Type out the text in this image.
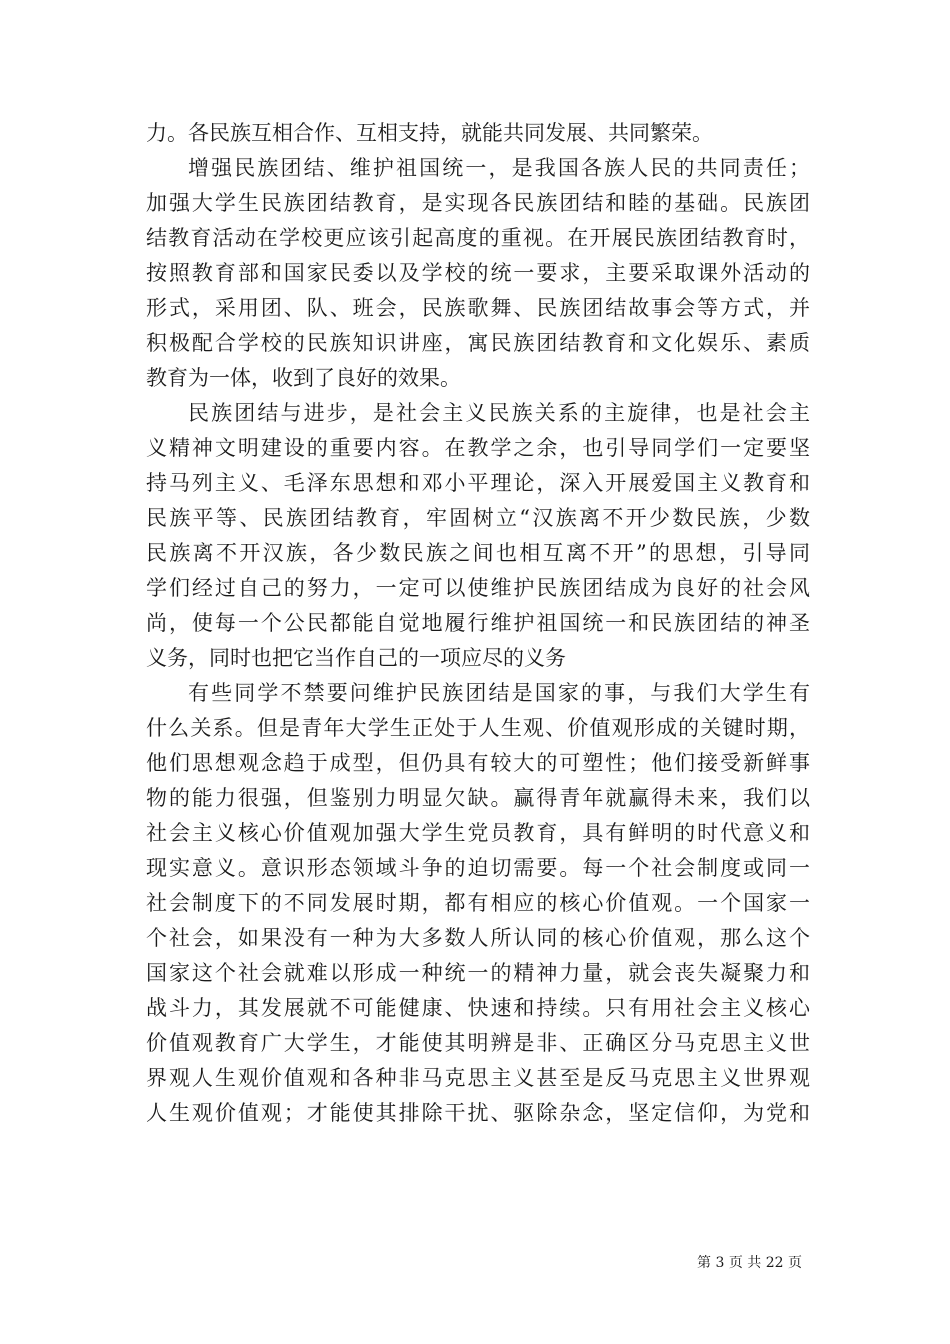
力。各民族互相合作、互相支持，就能共同发展、共同繁荣。
增强民族团结、维护祖国统一，是我国各族人民的共同责任；
加强大学生民族团结教育，是实现各民族团结和睦的基础。民族团
结教育活动在学校更应该引起高度的重视。在开展民族团结教育时，
按照教育部和国家民委以及学校的统一要求，主要采取课外活动的
形式，采用团、队、班会，民族歌舞、民族团结故事会等方式，并
积极配合学校的民族知识讲座，寓民族团结教育和文化娱乐、素质
教育为一体，收到了良好的效果。
民族团结与进步，是社会主义民族关系的主旋律，也是社会主
义精神文明建设的重要内容。在教学之余，也引导同学们一定要坚
持马列主义、毛泽东思想和邓小平理论，深入开展爱国主义教育和
民族平等、民族团结教育，牢固树立“汉族离不开少数民族，少数
民族离不开汉族，各少数民族之间也相互离不开”的思想，引导同
学们经过自己的努力，一定可以使维护民族团结成为良好的社会风
尚，使每一个公民都能自觉地履行维护祖国统一和民族团结的神圣
义务，同时也把它当作自己的一项应尽的义务
有些同学不禁要问维护民族团结是国家的事，与我们大学生有
什么关系。但是青年大学生正处于人生观、价值观形成的关键时期，
他们思想观念趋于成型，但仍具有较大的可塑性；他们接受新鲜事
物的能力很强，但鉴别力明显欠缺。赢得青年就赢得未来，我们以
社会主义核心价值观加强大学生党员教育，具有鲜明的时代意义和
现实意义。意识形态领域斗争的迫切需要。每一个社会制度或同一
社会制度下的不同发展时期，都有相应的核心价值观。一个国家一
个社会，如果没有一种为大多数人所认同的核心价值观，那么这个
国家这个社会就难以形成一种统一的精神力量，就会丧失凝聚力和
战斗力，其发展就不可能健康、快速和持续。只有用社会主义核心
价值观教育广大学生，才能使其明辨是非、正确区分马克思主义世
界观人生观价值观和各种非马克思主义甚至是反马克思主义世界观
人生观价值观；才能使其排除干扰、驱除杂念，坚定信仰，为党和
第 3 页 共 22 页
